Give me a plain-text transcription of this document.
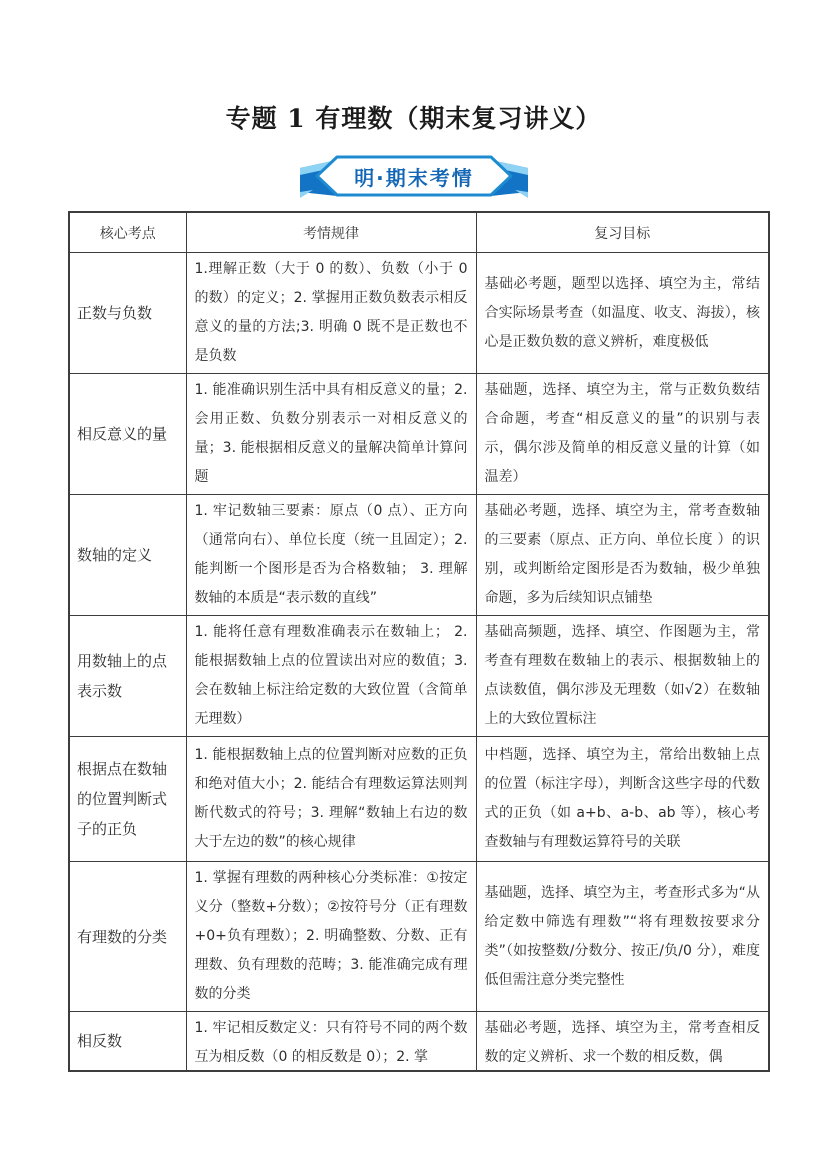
专题 1 有理数（期末复习讲义）
明·期末考情
核心考点	考情规律	复习目标

正数与负数	1.理解正数（大于 0 的数）、负数（小于 0 的数）的定义；2. 掌握用正数负数表示相反意义的量的方法;3. 明确 0 既不是正数也不是负数	基础必考题，题型以选择、填空为主，常结合实际场景考查（如温度、收支、海拔），核心是正数负数的意义辨析，难度极低

相反意义的量	1. 能准确识别生活中具有相反意义的量；2. 会用正数、负数分别表示一对相反意义的量；3. 能根据相反意义的量解决简单计算问题	基础题，选择、填空为主，常与正数负数结合命题，考查“相反意义的量”的识别与表示，偶尔涉及简单的相反意义量的计算（如温差）

数轴的定义	1. 牢记数轴三要素：原点（0 点）、正方向（通常向右）、单位长度（统一且固定）；2. 能判断一个图形是否为合格数轴； 3. 理解数轴的本质是“表示数的直线”	基础必考题，选择、填空为主，常考查数轴的三要素（原点、正方向、单位长度 ）的识别，或判断给定图形是否为数轴，极少单独命题，多为后续知识点铺垫

用数轴上的点表示数	1. 能将任意有理数准确表示在数轴上； 2. 能根据数轴上点的位置读出对应的数值；3. 会在数轴上标注给定数的大致位置（含简单无理数）	基础高频题，选择、填空、作图题为主，常考查有理数在数轴上的表示、根据数轴上的点读数值，偶尔涉及无理数（如√2）在数轴上的大致位置标注

根据点在数轴的位置判断式子的正负	1. 能根据数轴上点的位置判断对应数的正负和绝对值大小；2. 能结合有理数运算法则判断代数式的符号；3. 理解“数轴上右边的数大于左边的数”的核心规律	中档题，选择、填空为主，常给出数轴上点的位置（标注字母），判断含这些字母的代数式的正负（如 a+b、a-b、ab 等），核心考查数轴与有理数运算符号的关联

有理数的分类	1. 掌握有理数的两种核心分类标准：①按定义分（整数+分数）；②按符号分（正有理数+0+负有理数）；2. 明确整数、分数、正有理数、负有理数的范畴；3. 能准确完成有理数的分类	基础题，选择、填空为主，考查形式多为“从给定数中筛选有理数”“将有理数按要求分类”（如按整数/分数分、按正/负/0 分），难度低但需注意分类完整性

相反数	1. 牢记相反数定义：只有符号不同的两个数互为相反数（0 的相反数是 0）；2. 掌	基础必考题，选择、填空为主，常考查相反数的定义辨析、求一个数的相反数，偶
